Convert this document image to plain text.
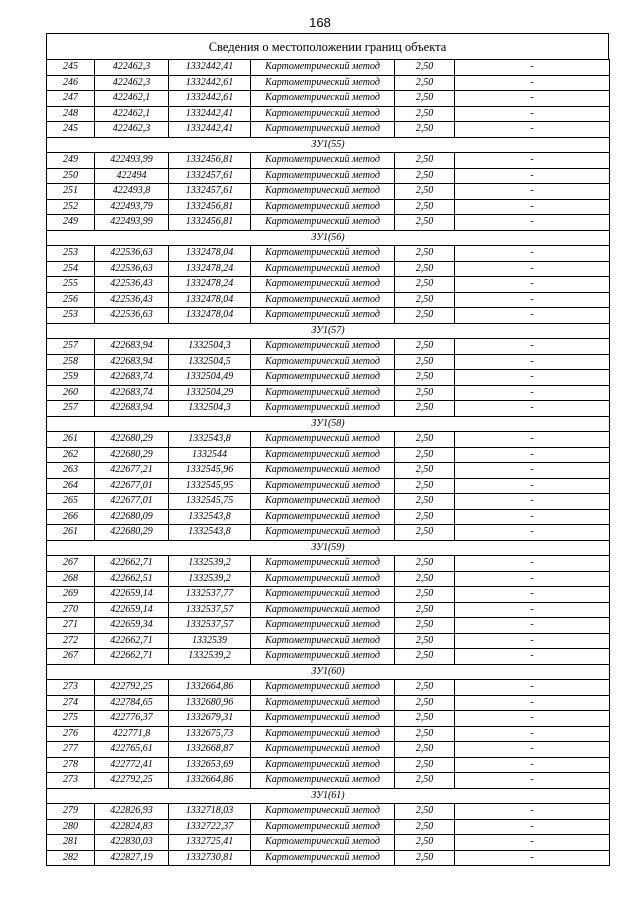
168
Сведения о местоположении границ объекта
245	422462,3	1332442,41	Картометрический метод	2,50	-
246	422462,3	1332442,61	Картометрический метод	2,50	-
247	422462,1	1332442,61	Картометрический метод	2,50	-
248	422462,1	1332442,41	Картометрический метод	2,50	-
245	422462,3	1332442,41	Картометрический метод	2,50	-
ЗУ1(55)					
249	422493,99	1332456,81	Картометрический метод	2,50	-
250	422494	1332457,61	Картометрический метод	2,50	-
251	422493,8	1332457,61	Картометрический метод	2,50	-
252	422493,79	1332456,81	Картометрический метод	2,50	-
249	422493,99	1332456,81	Картометрический метод	2,50	-
ЗУ1(56)					
253	422536,63	1332478,04	Картометрический метод	2,50	-
254	422536,63	1332478,24	Картометрический метод	2,50	-
255	422536,43	1332478,24	Картометрический метод	2,50	-
256	422536,43	1332478,04	Картометрический метод	2,50	-
253	422536,63	1332478,04	Картометрический метод	2,50	-
ЗУ1(57)					
257	422683,94	1332504,3	Картометрический метод	2,50	-
258	422683,94	1332504,5	Картометрический метод	2,50	-
259	422683,74	1332504,49	Картометрический метод	2,50	-
260	422683,74	1332504,29	Картометрический метод	2,50	-
257	422683,94	1332504,3	Картометрический метод	2,50	-
ЗУ1(58)					
261	422680,29	1332543,8	Картометрический метод	2,50	-
262	422680,29	1332544	Картометрический метод	2,50	-
263	422677,21	1332545,96	Картометрический метод	2,50	-
264	422677,01	1332545,95	Картометрический метод	2,50	-
265	422677,01	1332545,75	Картометрический метод	2,50	-
266	422680,09	1332543,8	Картометрический метод	2,50	-
261	422680,29	1332543,8	Картометрический метод	2,50	-
ЗУ1(59)					
267	422662,71	1332539,2	Картометрический метод	2,50	-
268	422662,51	1332539,2	Картометрический метод	2,50	-
269	422659,14	1332537,77	Картометрический метод	2,50	-
270	422659,14	1332537,57	Картометрический метод	2,50	-
271	422659,34	1332537,57	Картометрический метод	2,50	-
272	422662,71	1332539	Картометрический метод	2,50	-
267	422662,71	1332539,2	Картометрический метод	2,50	-
ЗУ1(60)					
273	422792,25	1332664,86	Картометрический метод	2,50	-
274	422784,65	1332680,96	Картометрический метод	2,50	-
275	422776,37	1332679,31	Картометрический метод	2,50	-
276	422771,8	1332675,73	Картометрический метод	2,50	-
277	422765,61	1332668,87	Картометрический метод	2,50	-
278	422772,41	1332653,69	Картометрический метод	2,50	-
273	422792,25	1332664,86	Картометрический метод	2,50	-
ЗУ1(61)					
279	422826,93	1332718,03	Картометрический метод	2,50	-
280	422824,83	1332722,37	Картометрический метод	2,50	-
281	422830,03	1332725,41	Картометрический метод	2,50	-
282	422827,19	1332730,81	Картометрический метод	2,50	-
